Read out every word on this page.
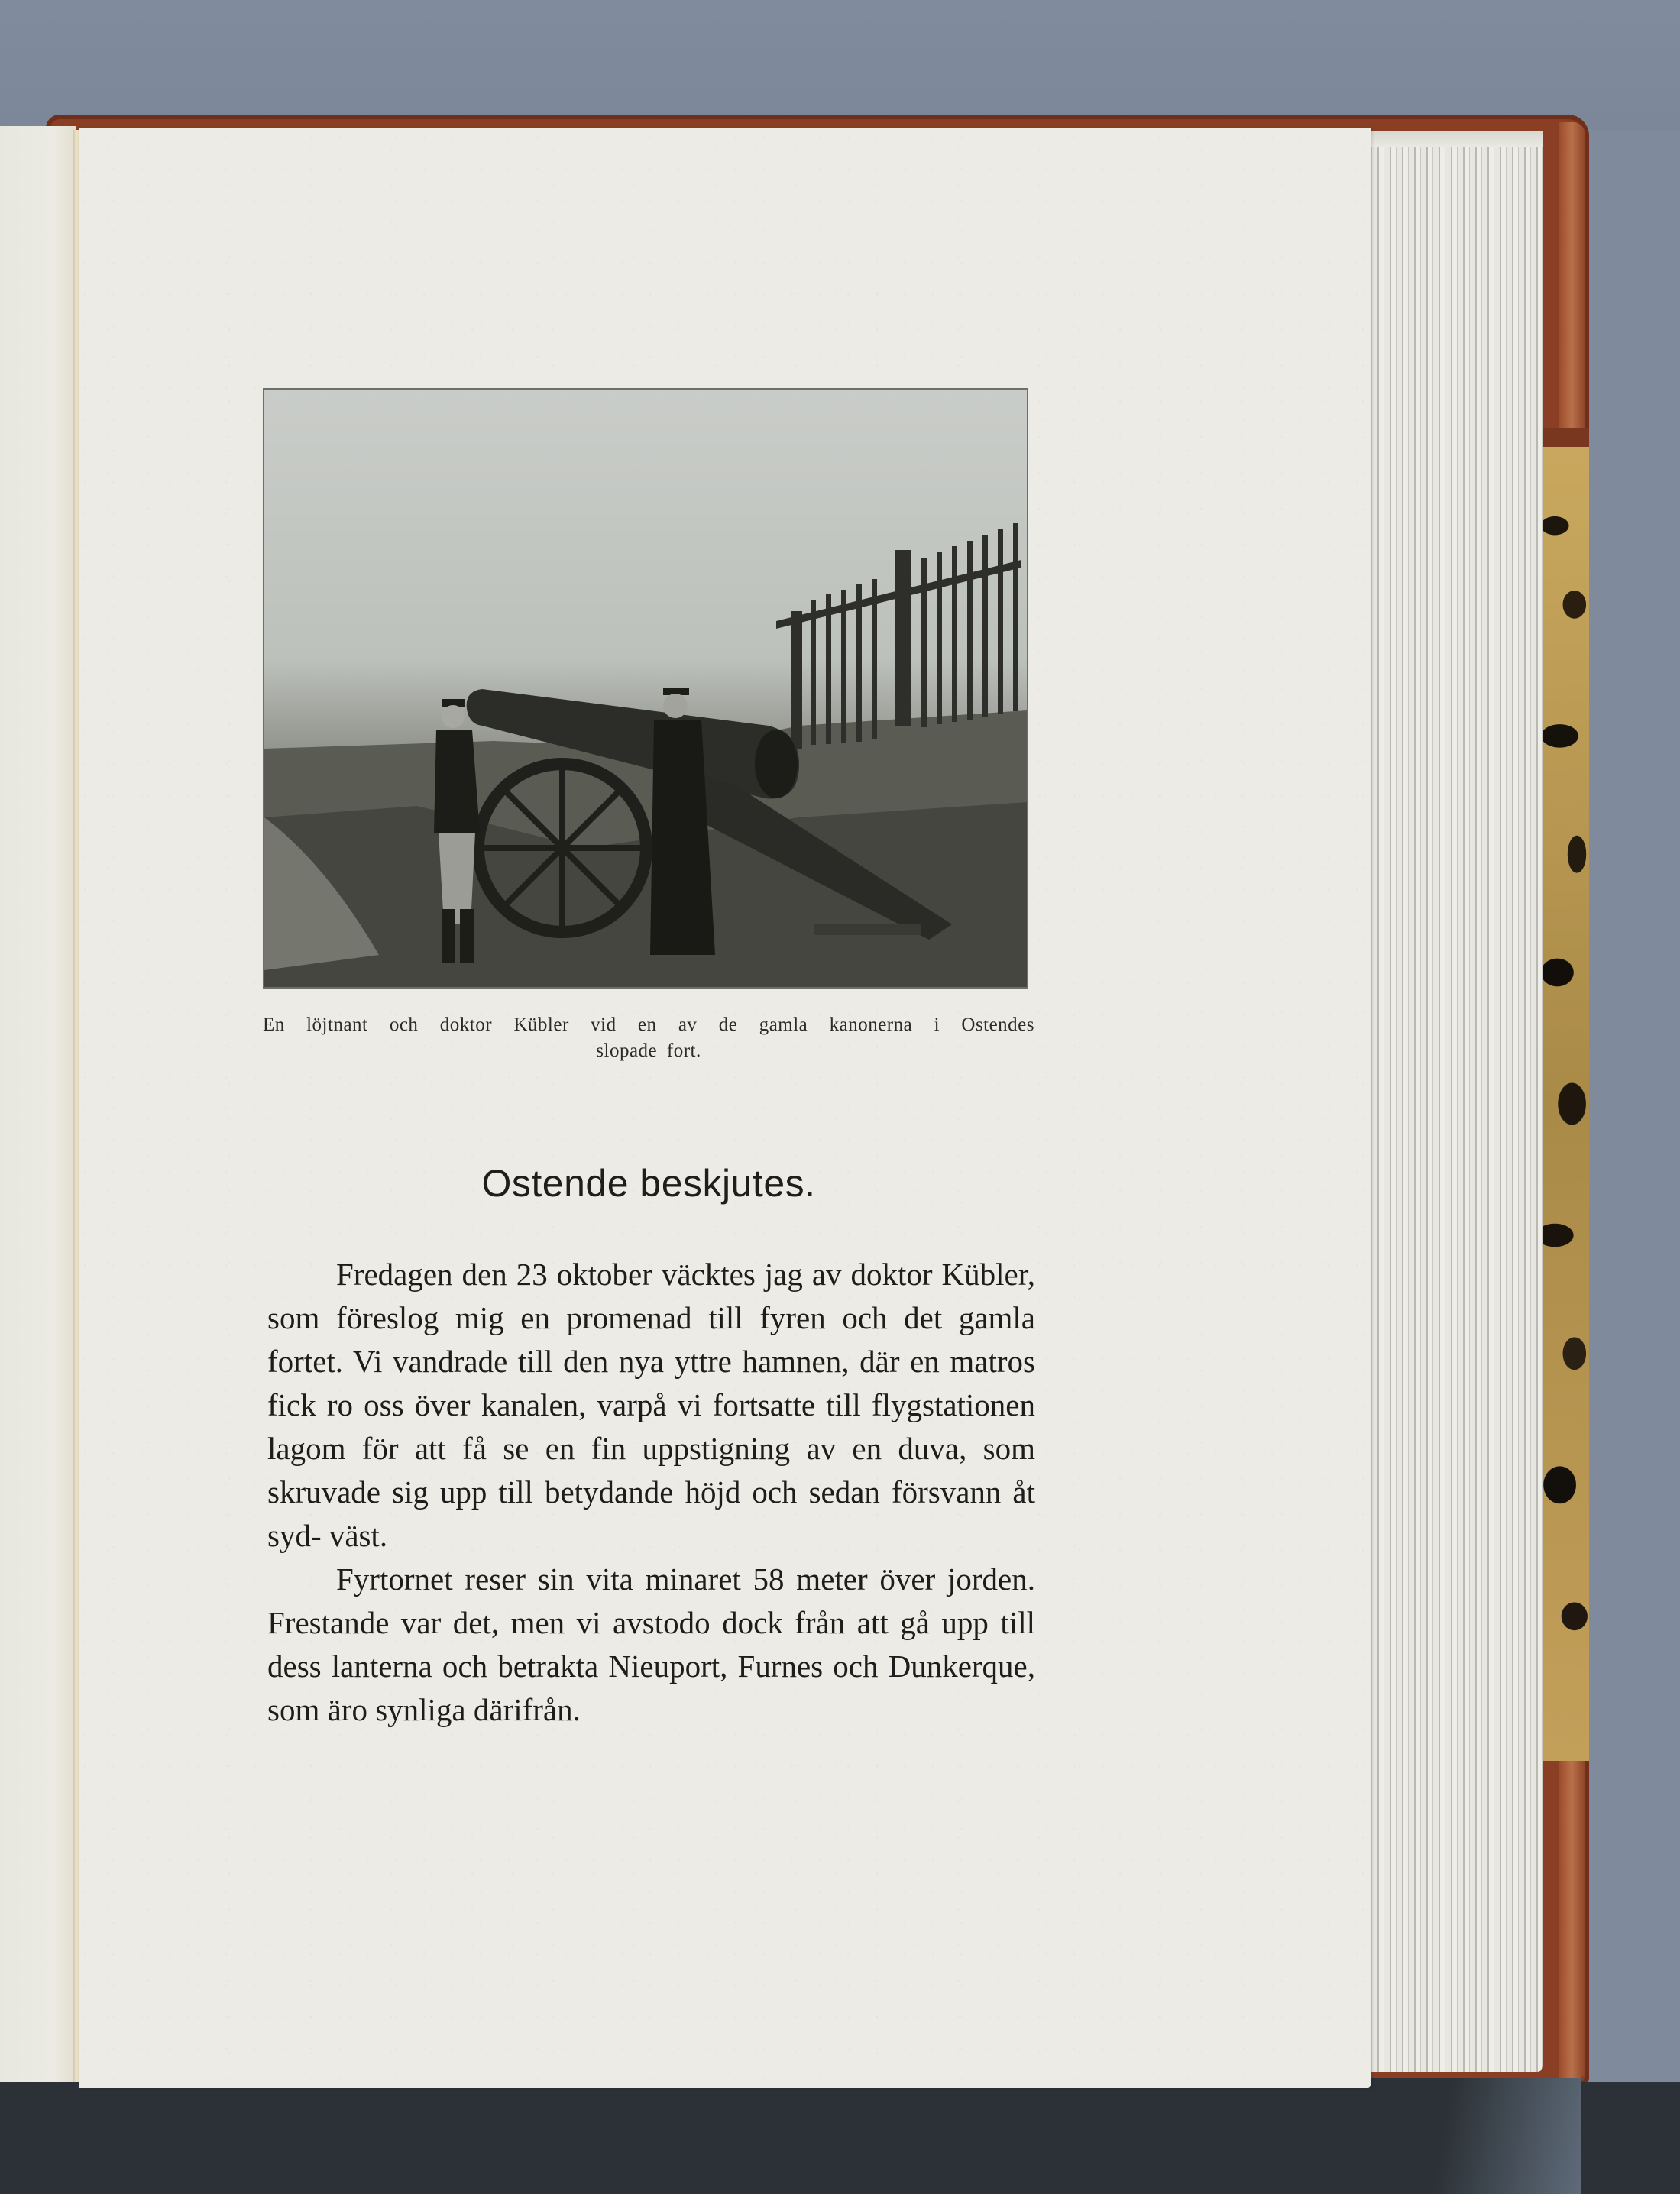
En löjtnant och doktor Kübler vid en av de gamla kanonerna i Ostendes
slopade fort.
Ostende beskjutes.

Fredagen den 23 oktober väcktes jag av doktor Kübler, som föreslog mig en promenad till fyren och det gamla fortet. Vi vandrade till den nya yttre hamnen, där en matros fick ro oss över kanalen, varpå vi fortsatte till flygstationen lagom för att få se en fin uppstigning av en duva, som skruvade sig upp till betydande höjd och sedan försvann åt syd- väst.

Fyrtornet reser sin vita minaret 58 meter över jorden. Frestande var det, men vi avstodo dock från att gå upp till dess lanterna och betrakta Nieuport, Furnes och Dunkerque, som äro synliga därifrån.
